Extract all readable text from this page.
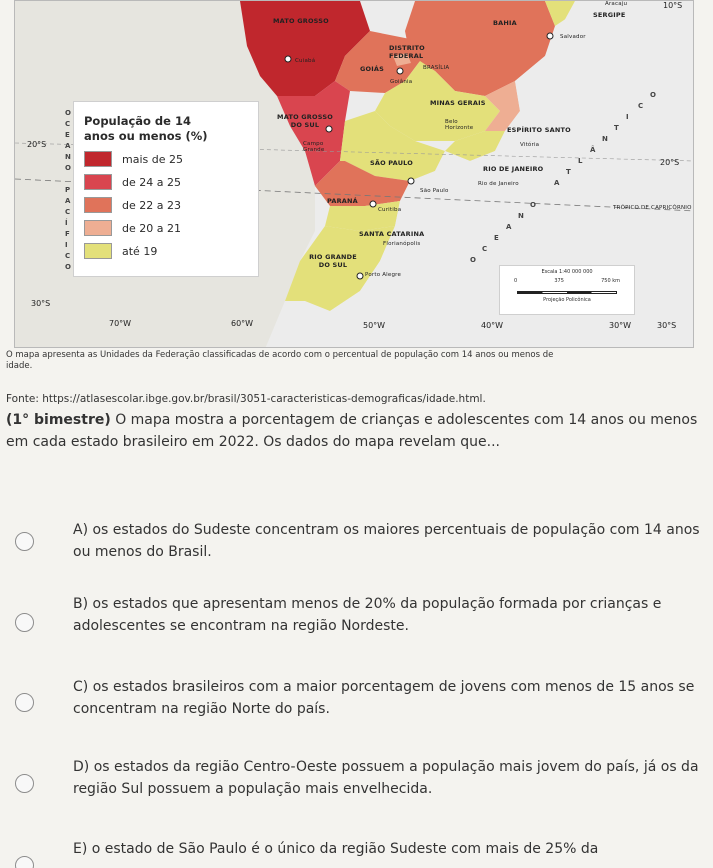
MATO GROSSO	BAHIA
SERGIPE
Aracaju
Salvador
DISTRITO FEDERAL
Cuiabá
GOIÁS	BRASÍLIA
Goiânia
MINAS GERAIS
MATO GROSSO DO SUL	Belo Horizonte	ESPÍRITO SANTO
Vitória
Campo Grande
SÃO PAULO
RIO DE JANEIRO
Rio de Janeiro
São Paulo
PARANÁ
Curitiba	TRÓPICO DE CAPRICÓRNIO
SANTA CATARINA
Florianópolis
RIO GRANDE DO SUL
Porto Alegre
20°S
20°S
30°S
10°S
70°W	60°W	50°W	40°W	30°W	30°S
População de 14
anos ou menos (%)
mais de 25
de 24 a 25
de 22 a 23
de 20 a 21
até 19
Escala 1:40 000 000
0	375	750 km
Projeção Policônica
O
C
E
A
N
O
P
A
C
Í
F
I
C
O
O
C
E
A
N
O
A
T
L
Â
N
T
I
C
O
O mapa apresenta as Unidades da Federação classificadas de acordo com o percentual de população com 14 anos ou menos de idade.
Fonte: https://atlasescolar.ibge.gov.br/brasil/3051-caracteristicas-demograficas/idade.html.
(1° bimestre) O mapa mostra a porcentagem de crianças e adolescentes com 14 anos ou menos em cada estado brasileiro em 2022. Os dados do mapa revelam que...
A) os estados do Sudeste concentram os maiores percentuais de população com 14 anos ou menos do Brasil.
B) os estados que apresentam menos de 20% da população formada por crianças e adolescentes se encontram na região Nordeste.
C) os estados brasileiros com a maior porcentagem de jovens com menos de 15 anos se concentram na região Norte do país.
D) os estados da região Centro-Oeste possuem a população mais jovem do país, já os da região Sul possuem a população mais envelhecida.
E) o estado de São Paulo é o único da região Sudeste com mais de 25% da
